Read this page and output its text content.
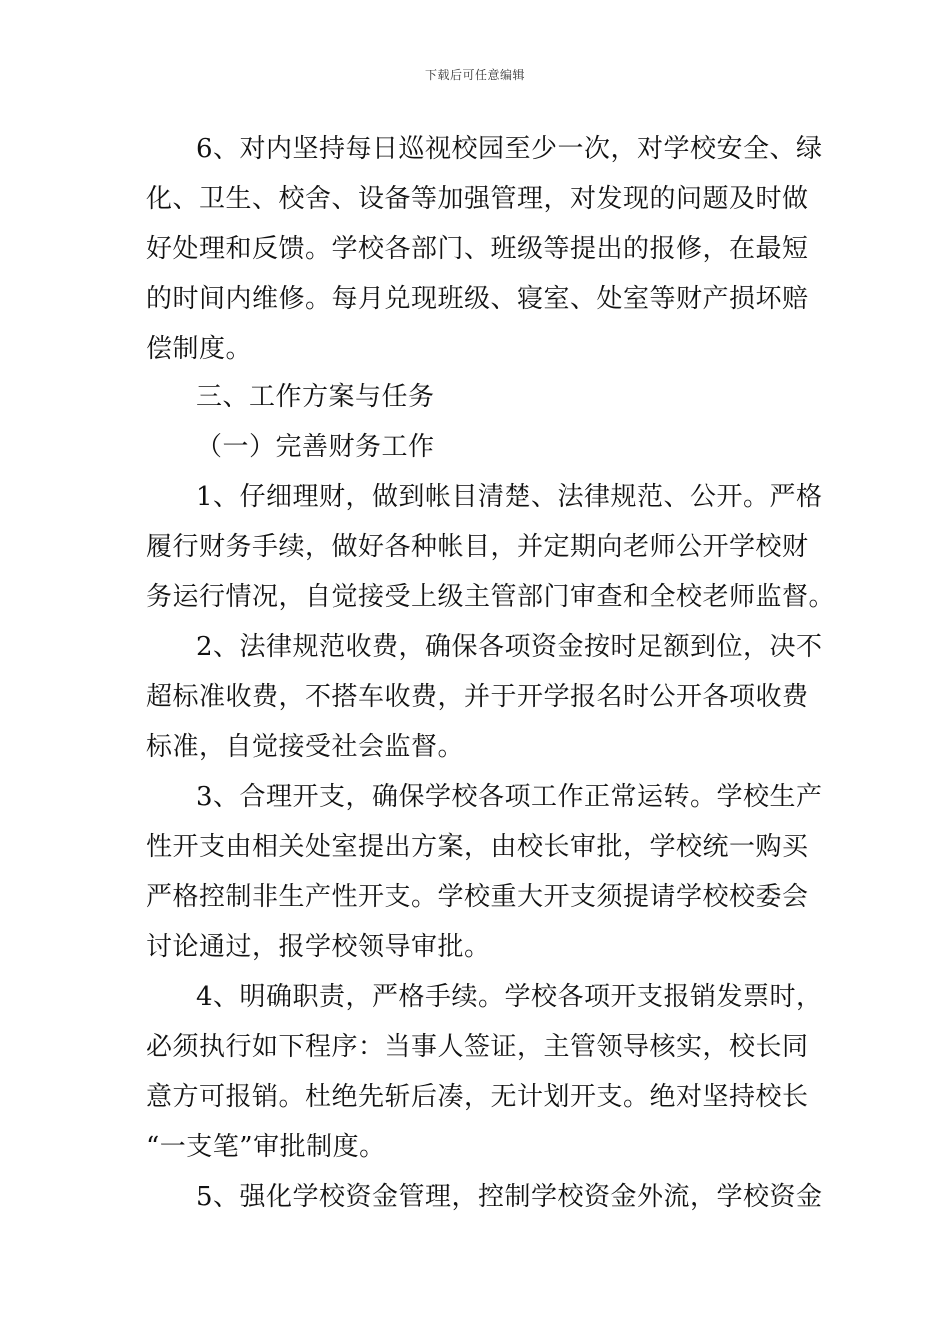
下载后可任意编辑
6、对内坚持每日巡视校园至少一次，对学校安全、绿
化、卫生、校舍、设备等加强管理，对发现的问题及时做
好处理和反馈。学校各部门、班级等提出的报修，在最短
的时间内维修。每月兑现班级、寝室、处室等财产损坏赔
偿制度。
三、工作方案与任务
（一）完善财务工作
1、仔细理财，做到帐目清楚、法律规范、公开。严格
履行财务手续，做好各种帐目，并定期向老师公开学校财
务运行情况，自觉接受上级主管部门审查和全校老师监督。
2、法律规范收费，确保各项资金按时足额到位，决不
超标准收费，不搭车收费，并于开学报名时公开各项收费
标准，自觉接受社会监督。
3、合理开支，确保学校各项工作正常运转。学校生产
性开支由相关处室提出方案，由校长审批，学校统一购买
严格控制非生产性开支。学校重大开支须提请学校校委会
讨论通过，报学校领导审批。
4、明确职责，严格手续。学校各项开支报销发票时，
必须执行如下程序：当事人签证，主管领导核实，校长同
意方可报销。杜绝先斩后凑，无计划开支。绝对坚持校长
“一支笔”审批制度。
5、强化学校资金管理，控制学校资金外流，学校资金
